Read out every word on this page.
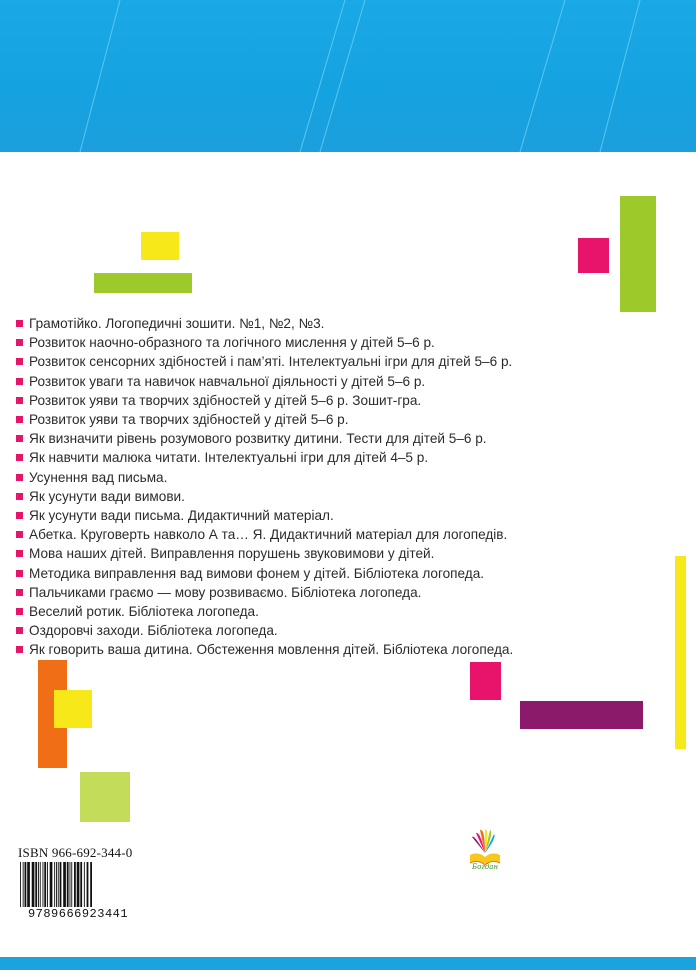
Грамотійко. Логопедичні зошити. №1, №2, №3.
Розвиток наочно-образного та логічного мислення у дітей 5–6 р.
Розвиток сенсорних здібностей і пам’яті. Інтелектуальні ігри для дітей 5–6 р.
Розвиток уваги та навичок навчальної діяльності у дітей 5–6 р.
Розвиток уяви та творчих здібностей у дітей 5–6 р. Зошит-гра.
Розвиток уяви та творчих здібностей у дітей 5–6 р.
Як визначити рівень розумового розвитку дитини. Тести для дітей 5–6 р.
Як навчити малюка читати. Інтелектуальні ігри для дітей 4–5 р.
Усунення вад письма.
Як усунути вади вимови.
Як усунути вади письма. Дидактичний матеріал.
Абетка. Круговерть навколо А та… Я. Дидактичний матеріал для логопедів.
Мова наших дітей. Виправлення порушень звуковимови у дітей.
Методика виправлення вад вимови фонем у дітей. Бібліотека логопеда.
Пальчиками граємо — мову розвиваємо. Бібліотека логопеда.
Веселий ротик. Бібліотека логопеда.
Оздоровчі заходи. Бібліотека логопеда.
Як говорить ваша дитина. Обстеження мовлення дітей. Бібліотека логопеда.
ISBN 966-692-344-0
9789666923441
Богдан
